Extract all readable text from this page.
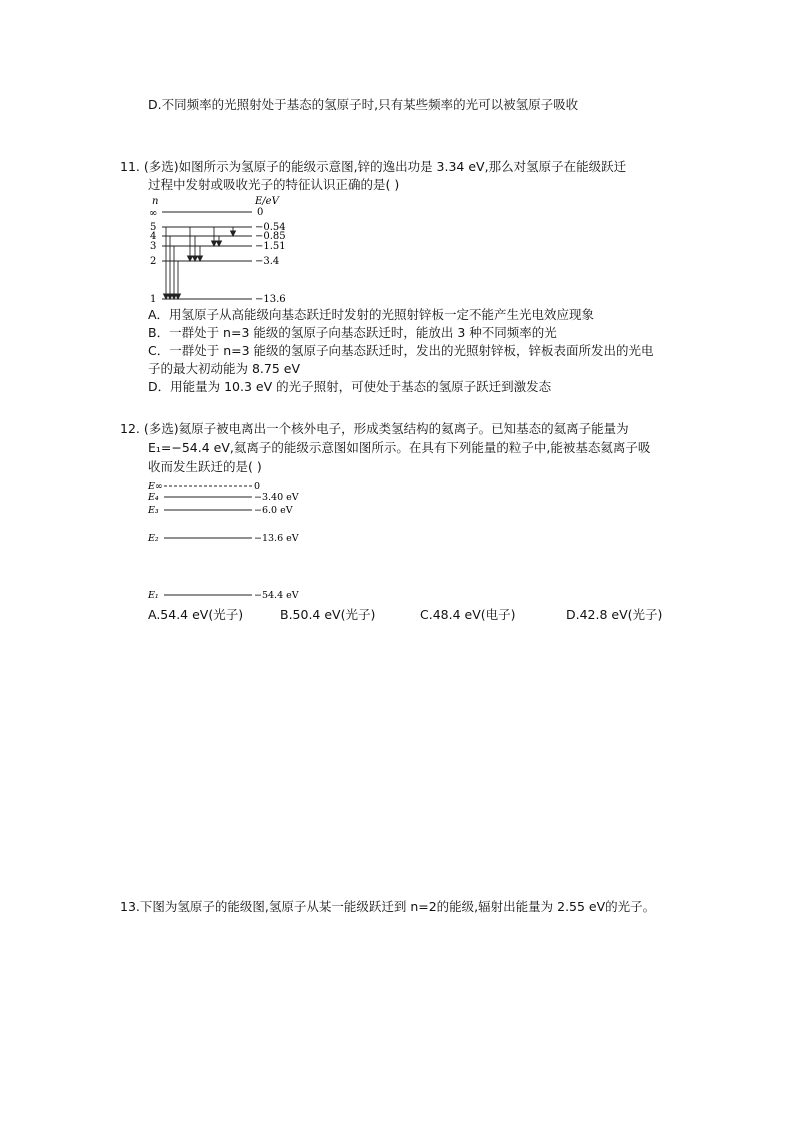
D.不同频率的光照射处于基态的氢原子时,只有某些频率的光可以被氢原子吸收
11. (多选)如图所示为氢原子的能级示意图,锌的逸出功是 3.34 eV,那么对氢原子在能级跃迁
过程中发射或吸收光子的特征认识正确的是( )
n	E/eV
∞
5
4
3
2
1
0
−0.54
−0.85
−1.51
−3.4
−13.6
A．用氢原子从高能级向基态跃迁时发射的光照射锌板一定不能产生光电效应现象
B．一群处于 n=3 能级的氢原子向基态跃迁时，能放出 3 种不同频率的光
C．一群处于 n=3 能级的氢原子向基态跃迁时，发出的光照射锌板，锌板表面所发出的光电
子的最大初动能为 8.75 eV
D．用能量为 10.3 eV 的光子照射，可使处于基态的氢原子跃迁到激发态
12. (多选)氦原子被电离出一个核外电子，形成类氢结构的氦离子。已知基态的氦离子能量为
E₁=−54.4 eV,氦离子的能级示意图如图所示。在具有下列能量的粒子中,能被基态氦离子吸
收而发生跃迁的是( )
E∞
E₄
E₃
E₂
E₁
0
−3.40 eV
−6.0 eV
−13.6 eV
−54.4 eV
A.54.4 eV(光子)	B.50.4 eV(光子)	C.48.4 eV(电子)	D.42.8 eV(光子)
13.下图为氢原子的能级图,氢原子从某一能级跃迁到 n=2的能级,辐射出能量为 2.55 eV的光子。
